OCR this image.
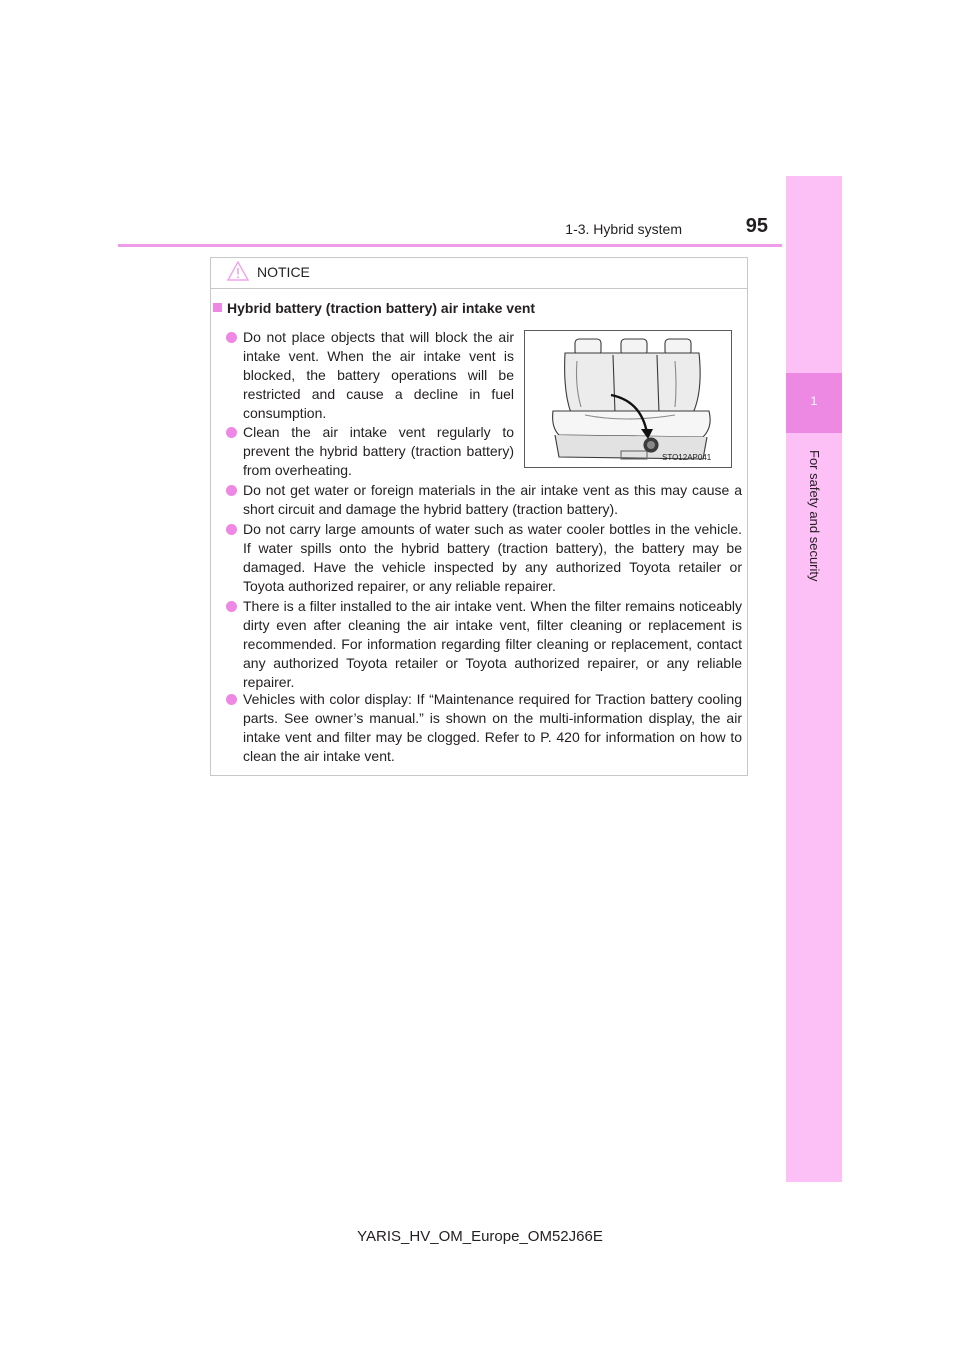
1-3. Hybrid system	95
1
For safety and security
NOTICE
Hybrid battery (traction battery) air intake vent
Do not place objects that will block the air intake vent. When the air intake vent is blocked, the battery operations will be restricted and cause a decline in fuel consumption.
Clean the air intake vent regularly to prevent the hybrid battery (traction battery) from overheating.
Do not get water or foreign materials in the air intake vent as this may cause a short circuit and damage the hybrid battery (traction battery).
Do not carry large amounts of water such as water cooler bottles in the vehicle. If water spills onto the hybrid battery (traction battery), the battery may be damaged. Have the vehicle inspected by any authorized Toyota retailer or Toyota authorized repairer, or any reliable repairer.
There is a filter installed to the air intake vent. When the filter remains noticeably dirty even after cleaning the air intake vent, filter cleaning or replacement is recommended. For information regarding filter cleaning or replacement, contact any authorized Toyota retailer or Toyota authorized repairer, or any reliable repairer.
Vehicles with color display: If “Maintenance required for Traction battery cooling parts. See owner’s manual.” is shown on the multi-information display, the air intake vent and filter may be clogged. Refer to P. 420 for information on how to clean the air intake vent.
STO12AP041
YARIS_HV_OM_Europe_OM52J66E
